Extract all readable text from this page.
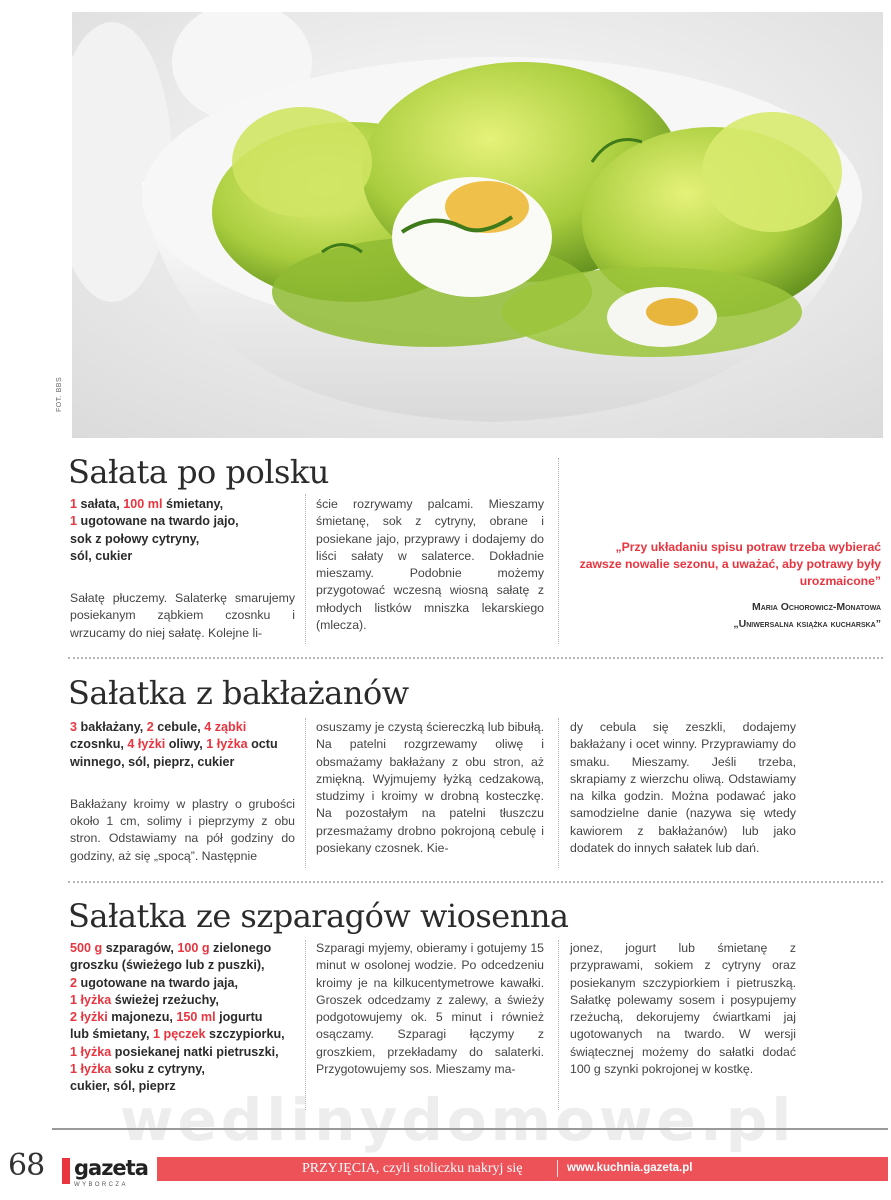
FOT. BBS
Sałata po polsku
1 sałata, 100 ml śmietany,
1 ugotowane na twardo jajo,
sok z połowy cytryny,
sól, cukier

Sałatę płuczemy. Salaterkę smarujemy posiekanym ząbkiem czosnku i wrzucamy do niej sałatę. Kolejne li-

ście rozrywamy palcami. Mieszamy śmietanę, sok z cytryny, obrane i posiekane jajo, przyprawy i dodajemy do liści sałaty w salaterce. Dokładnie mieszamy. Podobnie możemy przygotować wczesną wiosną sałatę z młodych listków mniszka lekarskiego (mlecza).

„Przy układaniu spisu potraw trzeba wybierać zawsze nowalie sezonu, a uważać, aby potrawy były urozmaicone”
Maria Ochorowicz-Monatowa
„Uniwersalna książka kucharska”
Sałatka z bakłażanów
3 bakłażany, 2 cebule, 4 ząbki
czosnku, 4 łyżki oliwy, 1 łyżka octu
winnego, sól, pieprz, cukier

Bakłażany kroimy w plastry o grubości około 1 cm, solimy i pieprzymy z obu stron. Odstawiamy na pół godziny do godziny, aż się „spocą”. Następnie

osuszamy je czystą ściereczką lub bibułą. Na patelni rozgrzewamy oliwę i obsmażamy bakłażany z obu stron, aż zmiękną. Wyjmujemy łyżką cedzakową, studzimy i kroimy w drobną kosteczkę. Na pozostałym na patelni tłuszczu przesmażamy drobno pokrojoną cebulę i posiekany czosnek. Kie-

dy cebula się zeszkli, dodajemy bakłażany i ocet winny. Przyprawiamy do smaku. Mieszamy. Jeśli trzeba, skrapiamy z wierzchu oliwą. Odstawiamy na kilka godzin. Można podawać jako samodzielne danie (nazywa się wtedy kawiorem z bakłażanów) lub jako dodatek do innych sałatek lub dań.

Sałatka ze szparagów wiosenna
500 g szparagów, 100 g zielonego
groszku (świeżego lub z puszki),
2 ugotowane na twardo jaja,
1 łyżka świeżej rzeżuchy,
2 łyżki majonezu, 150 ml jogurtu
lub śmietany, 1 pęczek szczypiorku,
1 łyżka posiekanej natki pietruszki,
1 łyżka soku z cytryny,
cukier, sól, pieprz

Szparagi myjemy, obieramy i gotujemy 15 minut w osolonej wodzie. Po odcedzeniu kroimy je na kilkucentymetrowe kawałki. Groszek odcedzamy z zalewy, a świeży podgotowujemy ok. 5 minut i również osączamy. Szparagi łączymy z groszkiem, przekładamy do salaterki. Przygotowujemy sos. Mieszamy ma-

jonez, jogurt lub śmietanę z przyprawami, sokiem z cytryny oraz posiekanym szczypiorkiem i pietruszką. Sałatkę polewamy sosem i posypujemy rzeżuchą, dekorujemy ćwiartkami jaj ugotowanych na twardo. W wersji świątecznej możemy do sałatki dodać 100 g szynki pokrojonej w kostkę.

wedlinydomowe.pl
68 gazeta
WYBORCZA
PRZYJĘCIA, czyli stoliczku nakryj się	www.kuchnia.gazeta.pl
